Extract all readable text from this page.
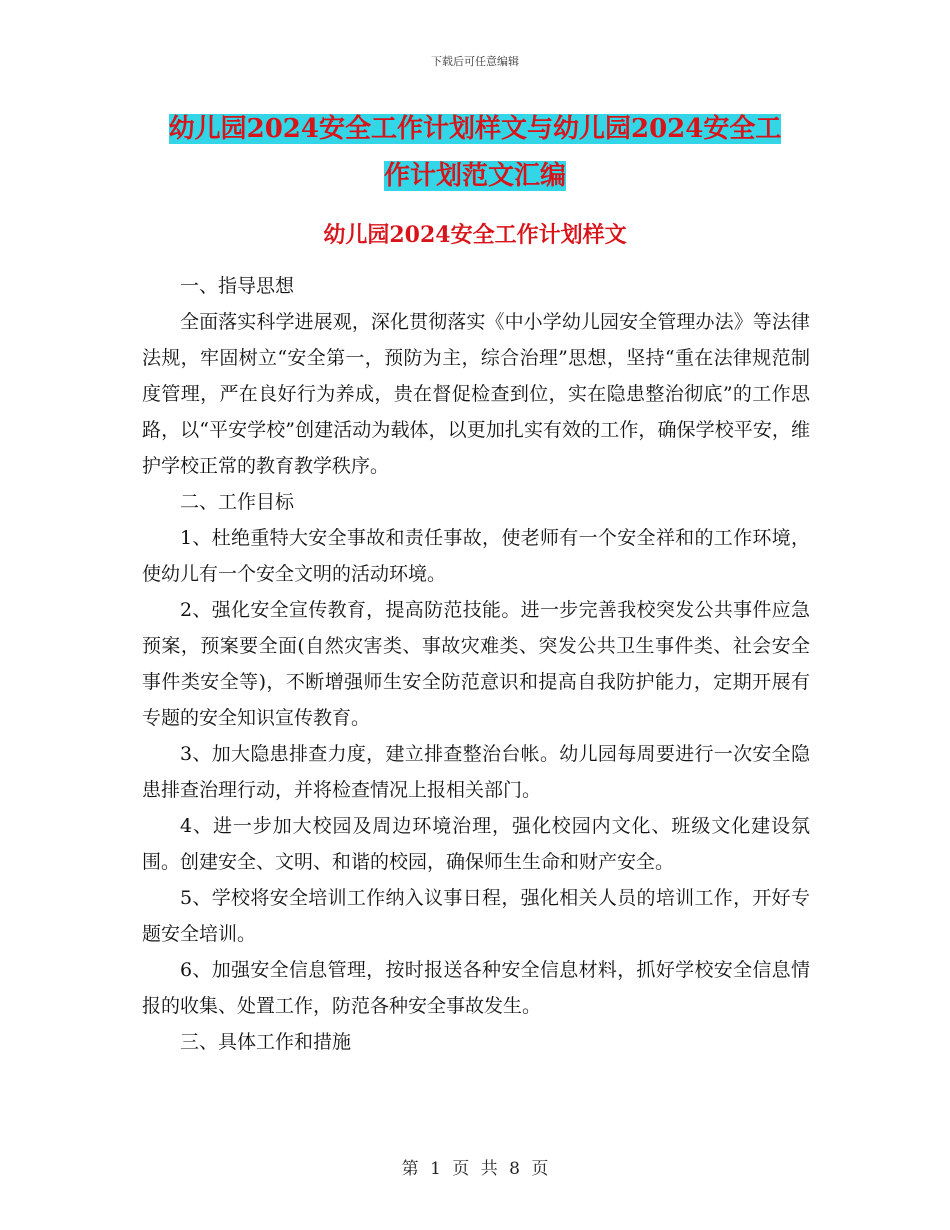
下载后可任意编辑
幼儿园2024安全工作计划样文与幼儿园2024安全工
作计划范文汇编
幼儿园2024安全工作计划样文

一、指导思想

全面落实科学进展观，深化贯彻落实《中小学幼儿园安全管理办法》等法律法规，牢固树立“安全第一，预防为主，综合治理”思想，坚持“重在法律规范制度管理，严在良好行为养成，贵在督促检查到位，实在隐患整治彻底”的工作思路，以“平安学校”创建活动为载体，以更加扎实有效的工作，确保学校平安，维护学校正常的教育教学秩序。

二、工作目标

1、杜绝重特大安全事故和责任事故，使老师有一个安全祥和的工作环境，使幼儿有一个安全文明的活动环境。

2、强化安全宣传教育，提高防范技能。进一步完善我校突发公共事件应急预案，预案要全面(自然灾害类、事故灾难类、突发公共卫生事件类、社会安全事件类安全等)，不断增强师生安全防范意识和提高自我防护能力，定期开展有专题的安全知识宣传教育。

3、加大隐患排查力度，建立排查整治台帐。幼儿园每周要进行一次安全隐患排查治理行动，并将检查情况上报相关部门。

4、进一步加大校园及周边环境治理，强化校园内文化、班级文化建设氛围。创建安全、文明、和谐的校园，确保师生生命和财产安全。

5、学校将安全培训工作纳入议事日程，强化相关人员的培训工作，开好专题安全培训。

6、加强安全信息管理，按时报送各种安全信息材料，抓好学校安全信息情报的收集、处置工作，防范各种安全事故发生。

三、具体工作和措施

第 1 页 共 8 页
